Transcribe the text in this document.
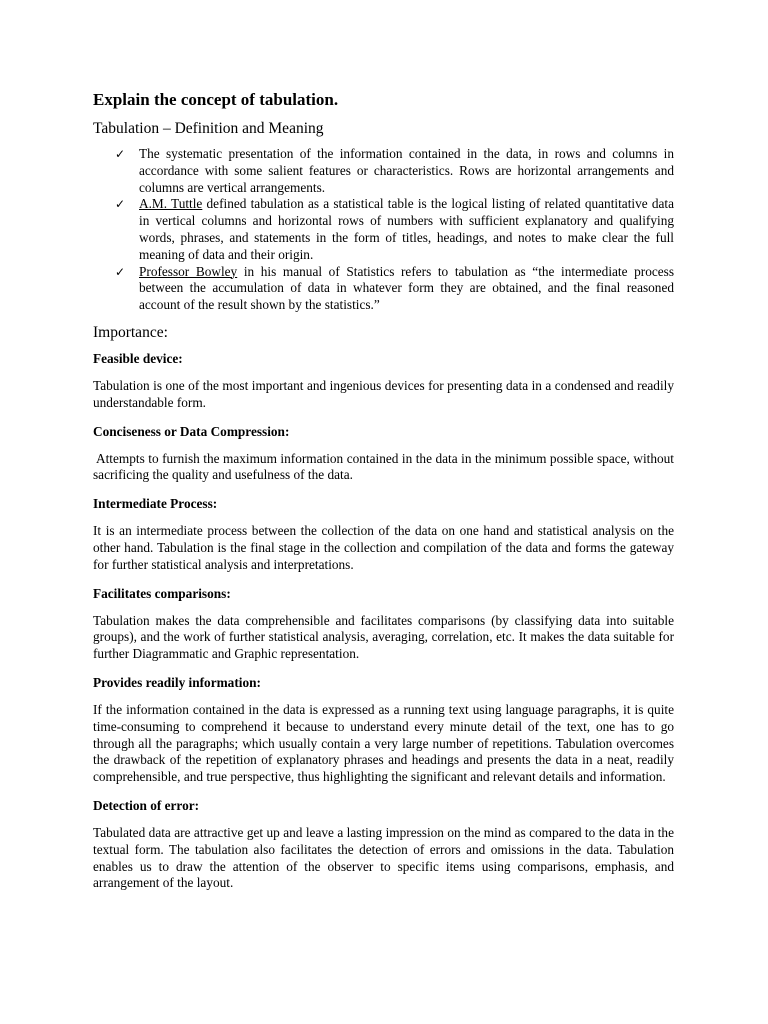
Explain the concept of tabulation.
Tabulation – Definition and Meaning
✓ The systematic presentation of the information contained in the data, in rows and columns in accordance with some salient features or characteristics. Rows are horizontal arrangements and columns are vertical arrangements.
✓ A.M. Tuttle defined tabulation as a statistical table is the logical listing of related quantitative data in vertical columns and horizontal rows of numbers with sufficient explanatory and qualifying words, phrases, and statements in the form of titles, headings, and notes to make clear the full meaning of data and their origin.
✓ Professor Bowley in his manual of Statistics refers to tabulation as “the intermediate process between the accumulation of data in whatever form they are obtained, and the final reasoned account of the result shown by the statistics.”
Importance:
Feasible device:

Tabulation is one of the most important and ingenious devices for presenting data in a condensed and readily understandable form.

Conciseness or Data Compression:

Attempts to furnish the maximum information contained in the data in the minimum possible space, without sacrificing the quality and usefulness of the data.

Intermediate Process:

It is an intermediate process between the collection of the data on one hand and statistical analysis on the other hand. Tabulation is the final stage in the collection and compilation of the data and forms the gateway for further statistical analysis and interpretations.

Facilitates comparisons:

Tabulation makes the data comprehensible and facilitates comparisons (by classifying data into suitable groups), and the work of further statistical analysis, averaging, correlation, etc. It makes the data suitable for further Diagrammatic and Graphic representation.

Provides readily information:

If the information contained in the data is expressed as a running text using language paragraphs, it is quite time-consuming to comprehend it because to understand every minute detail of the text, one has to go through all the paragraphs; which usually contain a very large number of repetitions. Tabulation overcomes the drawback of the repetition of explanatory phrases and headings and presents the data in a neat, readily comprehensible, and true perspective, thus highlighting the significant and relevant details and information.

Detection of error:

Tabulated data are attractive get up and leave a lasting impression on the mind as compared to the data in the textual form. The tabulation also facilitates the detection of errors and omissions in the data. Tabulation enables us to draw the attention of the observer to specific items using comparisons, emphasis, and arrangement of the layout.
